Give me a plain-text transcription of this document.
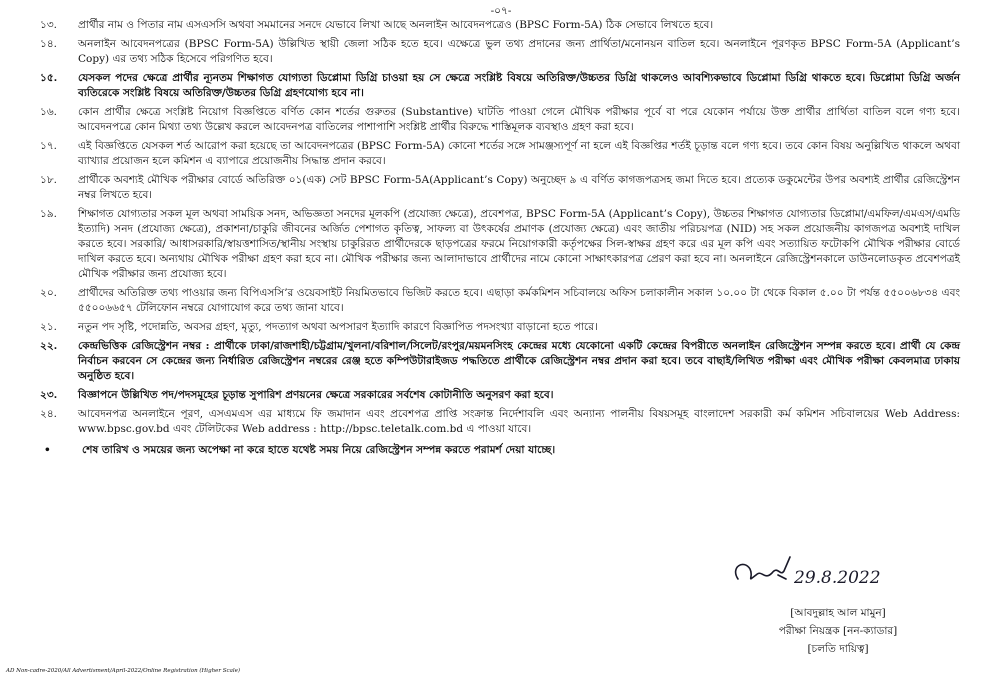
-০৭-
১৩.	প্রার্থীর নাম ও পিতার নাম এসএসসি অথবা সমমানের সনদে যেভাবে লিখা আছে অনলাইন আবেদনপত্রেও (BPSC Form-5A) ঠিক সেভাবে লিখতে হবে।
১৪.	অনলাইন আবেদনপত্রের (BPSC Form-5A) উল্লিখিত স্থায়ী জেলা সঠিক হতে হবে। এক্ষেত্রে ভুল তথ্য প্রদানের জন্য প্রার্থিতা/মনোনয়ন বাতিল হবে। অনলাইনে পূরণকৃত BPSC Form-5A (Applicant’s Copy) এর তথ্য সঠিক হিসেবে পরিগণিত হবে।
১৫.	যেসকল পদের ক্ষেত্রে প্রার্থীর ন্যূনতম শিক্ষাগত যোগ্যতা ডিপ্লোমা ডিগ্রি চাওয়া হয় সে ক্ষেত্রে সংশ্লিষ্ট বিষয়ে অতিরিক্ত/উচ্চতর ডিগ্রি থাকলেও আবশ্যিকভাবে ডিপ্লোমা ডিগ্রি থাকতে হবে। ডিপ্লোমা ডিগ্রি অর্জন ব্যতিরেকে সংশ্লিষ্ট বিষয়ে অতিরিক্ত/উচ্চতর ডিগ্রি গ্রহণযোগ্য হবে না।
১৬.	কোন প্রার্থীর ক্ষেত্রে সংশ্লিষ্ট নিয়োগ বিজ্ঞপ্তিতে বর্ণিত কোন শর্তের গুরুতর (Substantive) ঘাটতি পাওয়া গেলে মৌখিক পরীক্ষার পূর্বে বা পরে যেকোন পর্যায়ে উক্ত প্রার্থীর প্রার্থিতা বাতিল বলে গণ্য হবে। আবেদনপত্রে কোন মিথ্যা তথ্য উল্লেখ করলে আবেদনপত্র বাতিলের পাশাপাশি সংশ্লিষ্ট প্রার্থীর বিরুদ্ধে শাস্তিমূলক ব্যবস্থাও গ্রহণ করা হবে।
১৭.	এই বিজ্ঞপ্তিতে যেসকল শর্ত আরোপ করা হয়েছে তা আবেদনপত্রের (BPSC Form-5A) কোনো শর্তের সঙ্গে সামঞ্জস্যপূর্ণ না হলে এই বিজ্ঞপ্তির শর্তই চূড়ান্ত বলে গণ্য হবে। তবে কোন বিষয় অনুল্লিখিত থাকলে অথবা ব্যাখ্যার প্রয়োজন হলে কমিশন এ ব্যাপারে প্রয়োজনীয় সিদ্ধান্ত প্রদান করবে।
১৮.	প্রার্থীকে অবশ্যই মৌখিক পরীক্ষার বোর্ডে অতিরিক্ত ০১(এক) সেট BPSC Form-5A(Applicant’s Copy) অনুচ্ছেদ ৯ এ বর্ণিত কাগজপত্রসহ জমা দিতে হবে। প্রত্যেক ডকুমেন্টের উপর অবশ্যই প্রার্থীর রেজিস্ট্রেশন নম্বর লিখতে হবে।
১৯.	শিক্ষাগত যোগ্যতার সকল মূল অথবা সাময়িক সনদ, অভিজ্ঞতা সনদের মূলকপি (প্রযোজ্য ক্ষেত্রে), প্রবেশপত্র, BPSC Form-5A (Applicant’s Copy), উচ্চতর শিক্ষাগত যোগ্যতার ডিপ্লোমা/এমফিল/এমএস/এমডি ইত্যাদি) সনদ (প্রযোজ্য ক্ষেত্রে), প্রকাশনা/চাকুরি জীবনের অর্জিত পেশাগত কৃতিত্ব, সাফল্য বা উৎকর্ষের প্রমাণক (প্রযোজ্য ক্ষেত্রে) এবং জাতীয় পরিচয়পত্র (NID) সহ সকল প্রয়োজনীয় কাগজপত্র অবশ্যই দাখিল করতে হবে। সরকারি/ আধাসরকারি/স্বায়ত্তশাসিত/স্থানীয় সংস্থায় চাকুরিরত প্রার্থীদেরকে ছাড়পত্রের ফরমে নিয়োগকারী কর্তৃপক্ষের সিল-স্বাক্ষর গ্রহণ করে এর মূল কপি এবং সত্যায়িত ফটোকপি মৌখিক পরীক্ষার বোর্ডে দাখিল করতে হবে। অন্যথায় মৌখিক পরীক্ষা গ্রহণ করা হবে না। মৌখিক পরীক্ষার জন্য আলাদাভাবে প্রার্থীদের নামে কোনো সাক্ষাৎকারপত্র প্রেরণ করা হবে না। অনলাইনে রেজিস্ট্রেশনকালে ডাউনলোডকৃত প্রবেশপত্রই মৌখিক পরীক্ষার জন্য প্রযোজ্য হবে।
২০.	প্রার্থীদের অতিরিক্ত তথ্য পাওয়ার জন্য বিপিএসসি’র ওয়েবসাইট নিয়মিতভাবে ভিজিট করতে হবে। এছাড়া কর্মকমিশন সচিবালয়ে অফিস চলাকালীন সকাল ১০.০০ টা থেকে বিকাল ৫.০০ টা পর্যন্ত ৫৫০০৬৮৩৪ এবং ৫৫০০৬৬৫৭ টেলিফোন নম্বরে যোগাযোগ করে তথ্য জানা যাবে।
২১.	নতুন পদ সৃষ্টি, পদোন্নতি, অবসর গ্রহণ, মৃত্যু, পদত্যাগ অথবা অপসারণ ইত্যাদি কারণে বিজ্ঞাপিত পদসংখ্যা বাড়ানো হতে পারে।
২২.	কেন্দ্রভিত্তিক রেজিস্ট্রেশন নম্বর : প্রার্থীকে ঢাকা/রাজশাহী/চট্টগ্রাম/খুলনা/বরিশাল/সিলেট/রংপুর/ময়মনসিংহ কেন্দ্রের মধ্যে যেকোনো একটি কেন্দ্রের বিপরীতে অনলাইন রেজিস্ট্রেশন সম্পন্ন করতে হবে। প্রার্থী যে কেন্দ্র নির্বাচন করবেন সে কেন্দ্রের জন্য নির্ধারিত রেজিস্ট্রেশন নম্বরের রেঞ্জ হতে কম্পিউটারাইজড পদ্ধতিতে প্রার্থীকে রেজিস্ট্রেশন নম্বর প্রদান করা হবে। তবে বাছাই/লিখিত পরীক্ষা এবং মৌখিক পরীক্ষা কেবলমাত্র ঢাকায় অনুষ্ঠিত হবে।
২৩.	বিজ্ঞাপনে উল্লিখিত পদ/পদসমূহের চূড়ান্ত সুপারিশ প্রণয়নের ক্ষেত্রে সরকারের সর্বশেষ কোটানীতি অনুসরণ করা হবে।
২৪.	আবেদনপত্র অনলাইনে পূরণ, এসএমএস এর মাধ্যমে ফি জমাদান এবং প্রবেশপত্র প্রাপ্তি সংক্রান্ত নির্দেশাবলি এবং অন্যান্য পালনীয় বিষয়সমূহ বাংলাদেশ সরকারী কর্ম কমিশন সচিবালয়ের Web Address: www.bpsc.gov.bd এবং টেলিটকের Web address : http://bpsc.teletalk.com.bd এ পাওয়া যাবে।
•	শেষ তারিখ ও সময়ের জন্য অপেক্ষা না করে হাতে যথেষ্ট সময় নিয়ে রেজিস্ট্রেশন সম্পন্ন করতে পরামর্শ দেয়া যাচ্ছে।
29.8.2022
[আবদুল্লাহ আল মামুন]
পরীক্ষা নিয়ন্ত্রক [নন-ক্যাডার]
[চলতি দায়িত্ব]
AD Non-cadre-2020/All Advertisment/April-2022/Online Registration (Higher Scale)
